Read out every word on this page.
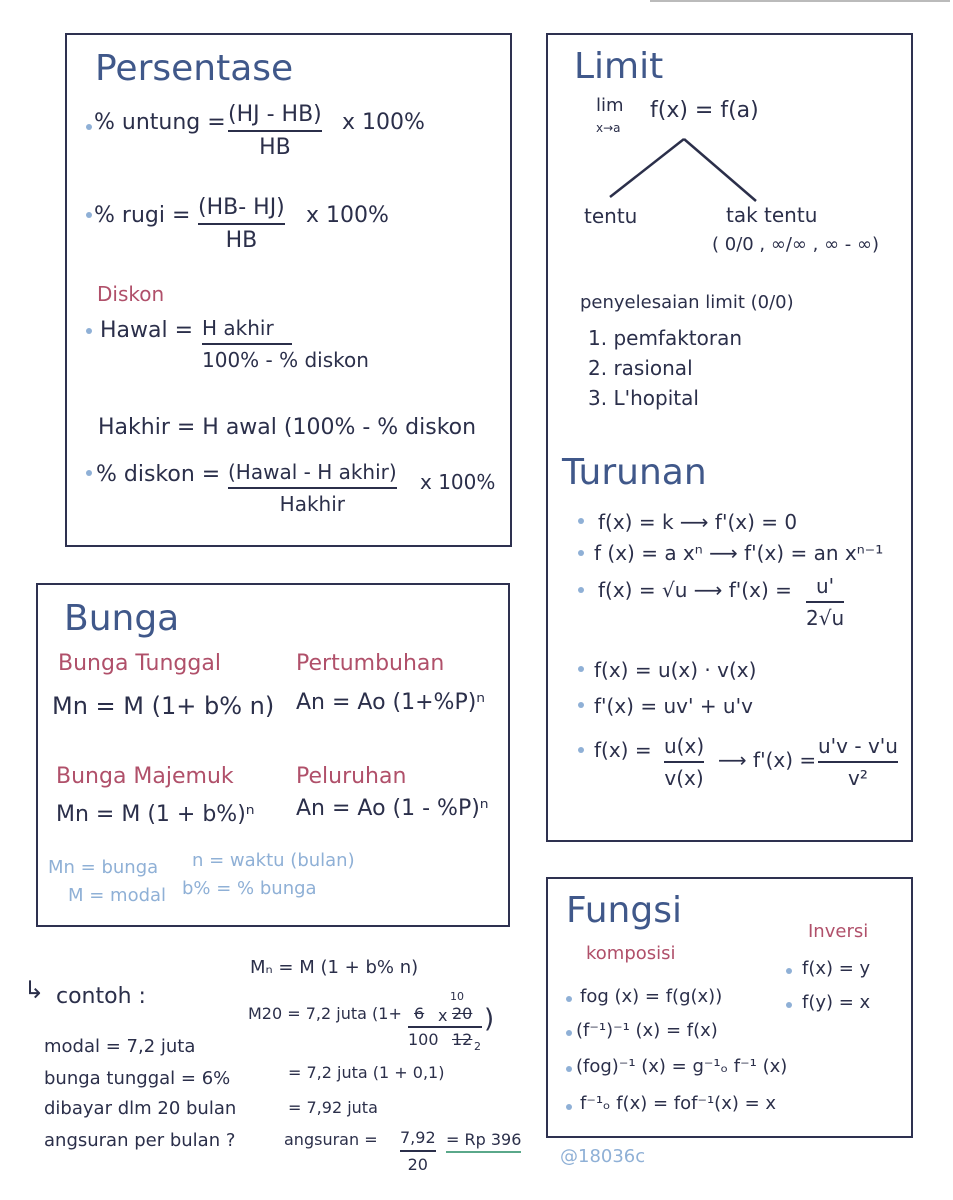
Persentase
% untung = (HJ - HB)
HB
x 100%
% rugi = (HB- HJ)
HB
x 100%
Diskon
Hawal = H akhir
100% - % diskon
Hakhir = H awal (100% - % diskon
% diskon = (Hawal - H akhir)
Hakhir
x 100%
Bunga
Bunga Tunggal
Mn = M (1+ b% n)
Pertumbuhan
An = Ao (1+%P)ⁿ
Bunga Majemuk
Mn = M (1 + b%)ⁿ
Peluruhan
An = Ao (1 - %P)ⁿ
Mn = bunga n = waktu (bulan)
M = modal b% = % bunga
↳ contoh :
modal = 7,2 juta
bunga tunggal = 6%
dibayar dlm 20 bulan
angsuran per bulan ?
Mₙ = M (1 + b% n)
M20 = 7,2 juta (1+ 6 x
10
20
100 12 2
)
= 7,2 juta (1 + 0,1)
= 7,92 juta
angsuran = 7,92
20
= Rp 396
Limit
lim
x→a
f(x) = f(a)
tentu	tak tentu
( 0/0 , ∞/∞ , ∞ - ∞)
penyelesaian limit (0/0)
1. pemfaktoran
2. rasional
3. L'hopital
Turunan
f(x) = k ⟶ f'(x) = 0
f (x) = a xⁿ ⟶ f'(x) = an xⁿ⁻¹
f(x) = √u ⟶ f'(x) = u'
2√u
f(x) = u(x) · v(x)
f'(x) = uv' + u'v
f(x) = u(x)
v(x)
⟶ f'(x) =
u'v - v'u
v²
Fungsi
komposisi
Inversi
f(x) = y
f(y) = x
fog (x) = f(g(x))
(f⁻¹)⁻¹ (x) = f(x)
(fog)⁻¹ (x) = g⁻¹ₒ f⁻¹ (x)
f⁻¹ₒ f(x) = fof⁻¹(x) = x
@18036c
